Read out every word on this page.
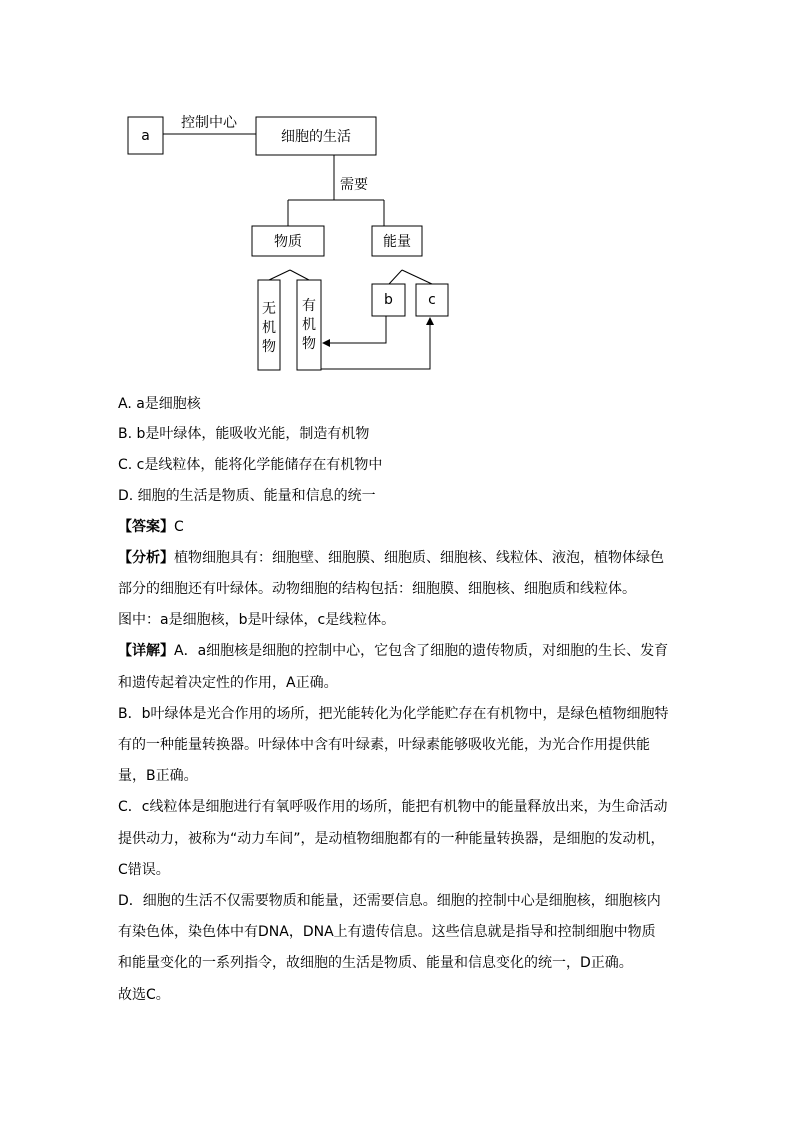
a
控制中心
细胞的生活
需要
物质	能量
无
机
物
有
机
物
b	c
A. a是细胞核
B. b是叶绿体，能吸收光能，制造有机物
C. c是线粒体，能将化学能储存在有机物中
D. 细胞的生活是物质、能量和信息的统一
【答案】C
【分析】植物细胞具有：细胞壁、细胞膜、细胞质、细胞核、线粒体、液泡，植物体绿色
部分的细胞还有叶绿体。动物细胞的结构包括：细胞膜、细胞核、细胞质和线粒体。
图中：a是细胞核，b是叶绿体，c是线粒体。
【详解】A．a细胞核是细胞的控制中心，它包含了细胞的遗传物质，对细胞的生长、发育
和遗传起着决定性的作用，A正确。
B．b叶绿体是光合作用的场所，把光能转化为化学能贮存在有机物中，是绿色植物细胞特
有的一种能量转换器。叶绿体中含有叶绿素，叶绿素能够吸收光能，为光合作用提供能
量，B正确。
C．c线粒体是细胞进行有氧呼吸作用的场所，能把有机物中的能量释放出来，为生命活动
提供动力，被称为“动力车间”，是动植物细胞都有的一种能量转换器，是细胞的发动机，
C错误。
D．细胞的生活不仅需要物质和能量，还需要信息。细胞的控制中心是细胞核，细胞核内
有染色体，染色体中有DNA，DNA上有遗传信息。这些信息就是指导和控制细胞中物质
和能量变化的一系列指令，故细胞的生活是物质、能量和信息变化的统一，D正确。
故选C。
